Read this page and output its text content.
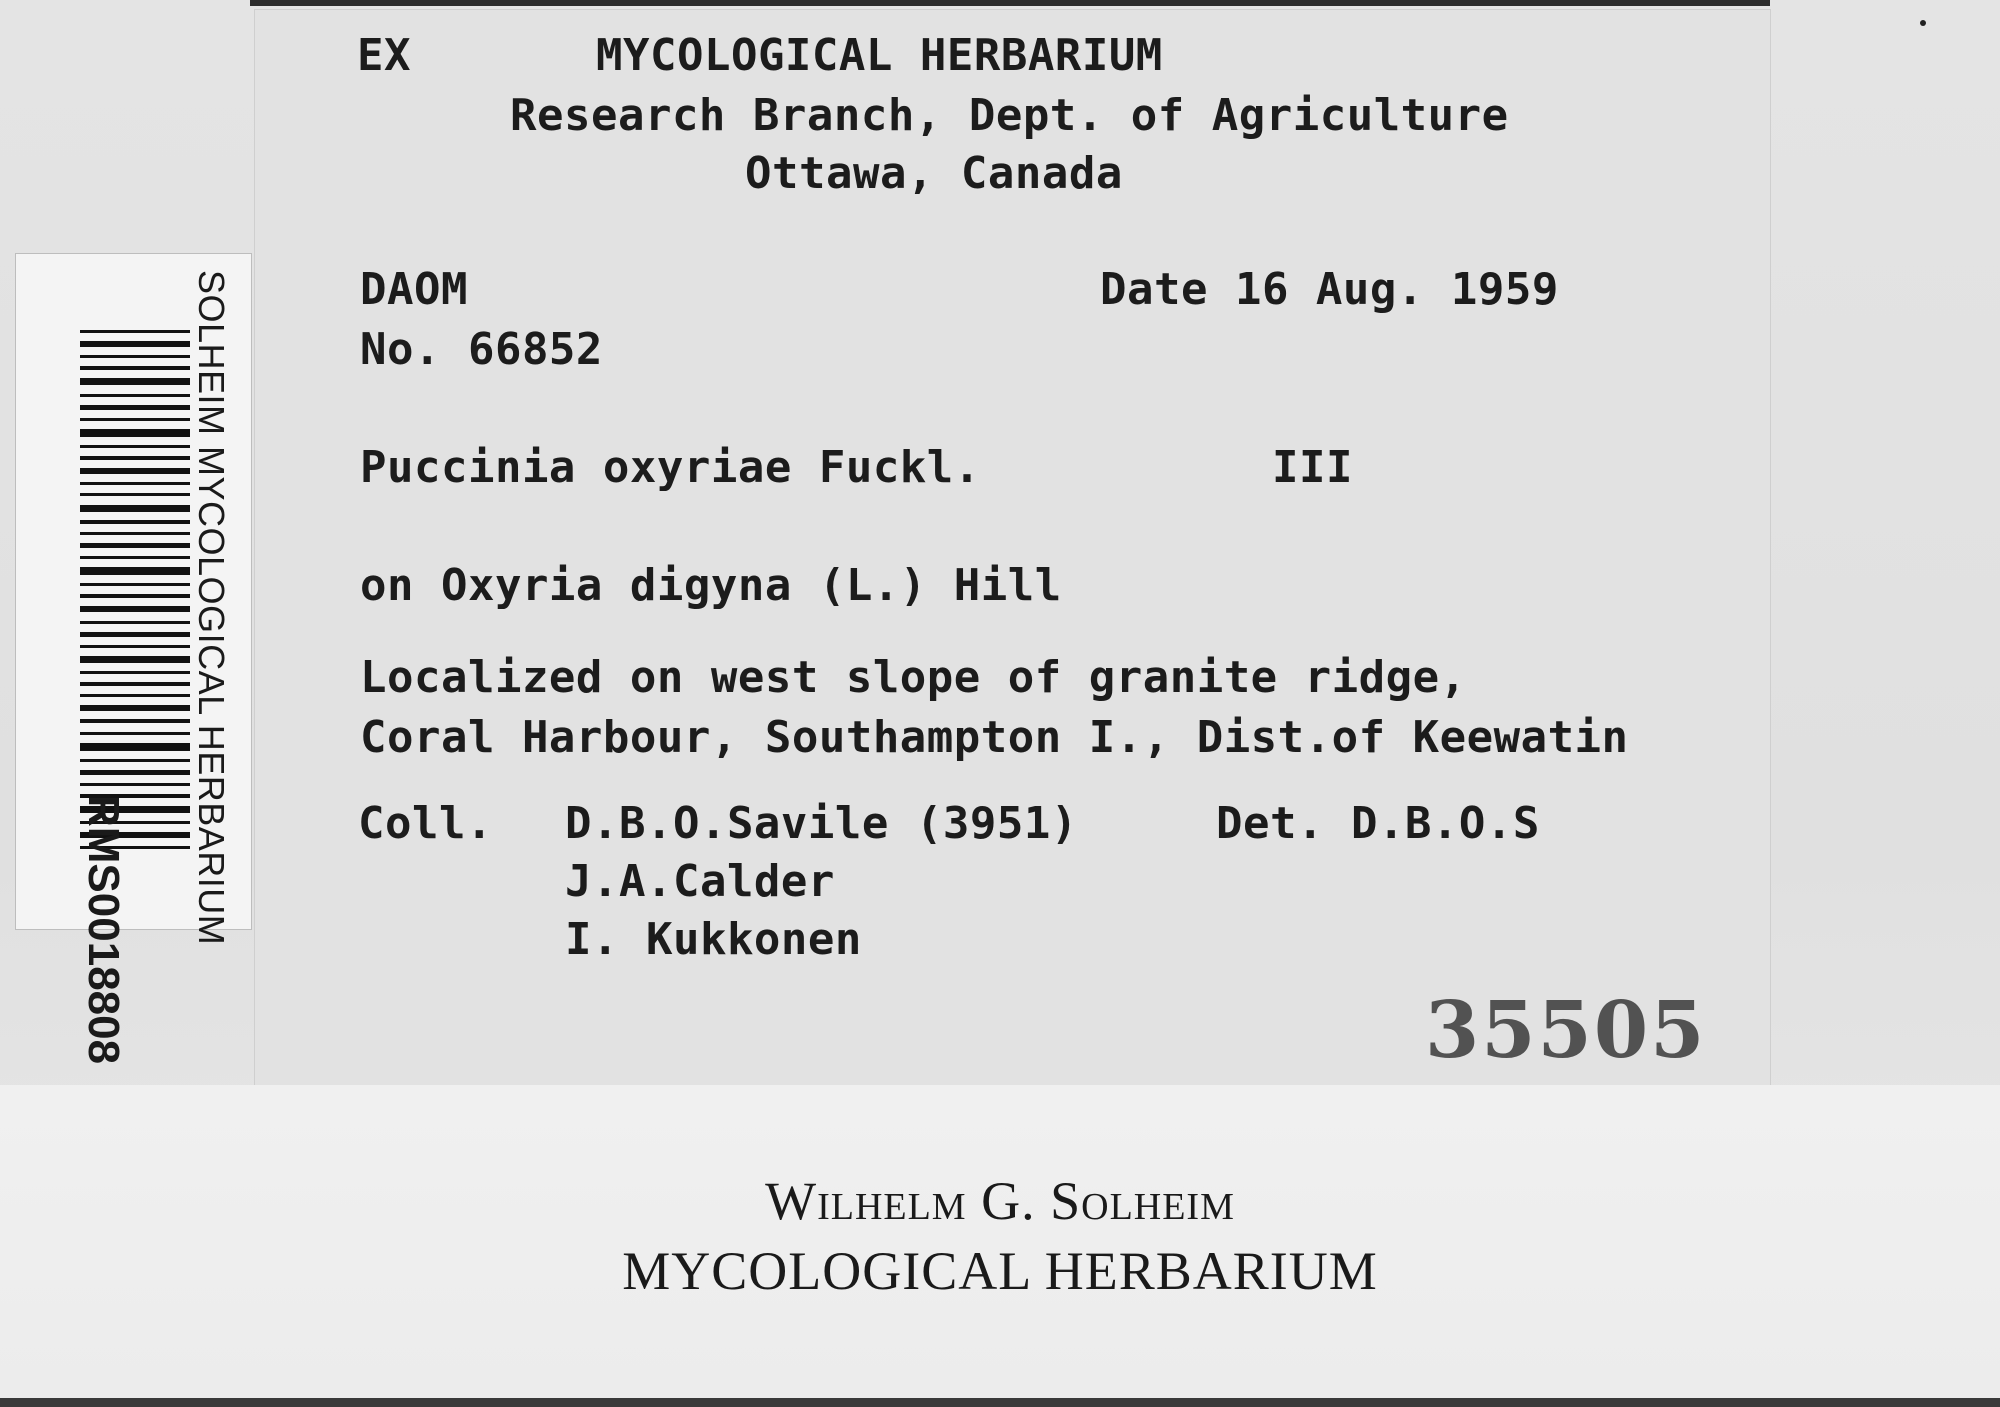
EX	MYCOLOGICAL HERBARIUM
Research Branch, Dept. of Agriculture
Ottawa, Canada
DAOM	Date 16 Aug. 1959
No. 66852
Puccinia oxyriae Fuckl.	III
on Oxyria digyna (L.) Hill
Localized on west slope of granite ridge,
Coral Harbour, Southampton I., Dist.of Keewatin
Coll. D.B.O.Savile (3951)	Det. D.B.O.S
J.A.Calder
I. Kukkonen
35505
SOLHEIM MYCOLOGICAL HERBARIUM
RMS0018808
Wilhelm G. Solheim
MYCOLOGICAL HERBARIUM
